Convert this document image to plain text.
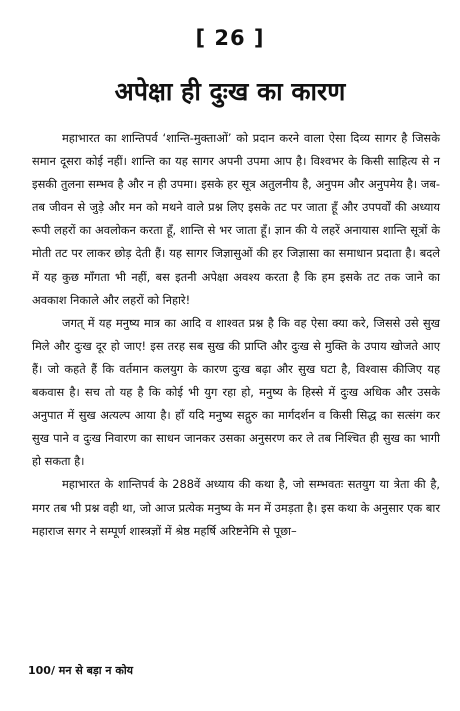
[ 26 ]
अपेक्षा ही दुःख का कारण

महाभारत का शान्तिपर्व ‘शान्ति-मुक्ताओं’ को प्रदान करने वाला ऐसा दिव्य सागर है जिसके समान दूसरा कोई नहीं। शान्ति का यह सागर अपनी उपमा आप है। विश्वभर के किसी साहित्य से न इसकी तुलना सम्भव है और न ही उपमा। इसके हर सूत्र अतुलनीय है, अनुपम और अनुपमेय है। जब-तब जीवन से जुड़े और मन को मथने वाले प्रश्न लिए इसके तट पर जाता हूँ और उपपर्वों की अध्याय रूपी लहरों का अवलोकन करता हूँ, शान्ति से भर जाता हूँ। ज्ञान की ये लहरें अनायास शान्ति सूत्रों के मोती तट पर लाकर छोड़ देती हैं। यह सागर जिज्ञासुओं की हर जिज्ञासा का समाधान प्रदाता है। बदले में यह कुछ माँगता भी नहीं, बस इतनी अपेक्षा अवश्य करता है कि हम इसके तट तक जाने का अवकाश निकाले और लहरों को निहारे!

जगत् में यह मनुष्य मात्र का आदि व शाश्वत प्रश्न है कि वह ऐसा क्या करे, जिससे उसे सुख मिले और दुःख दूर हो जाए! इस तरह सब सुख की प्राप्ति और दुःख से मुक्ति के उपाय खोजते आए हैं। जो कहते हैं कि वर्तमान कलयुग के कारण दुःख बढ़ा और सुख घटा है, विश्वास कीजिए यह बकवास है। सच तो यह है कि कोई भी युग रहा हो, मनुष्य के हिस्से में दुःख अधिक और उसके अनुपात में सुख अत्यल्प आया है। हाँ यदि मनुष्य सद्गुरु का मार्गदर्शन व किसी सिद्ध का सत्संग कर सुख पाने व दुःख निवारण का साधन जानकर उसका अनुसरण कर ले तब निश्चित ही सुख का भागी हो सकता है।

महाभारत के शान्तिपर्व के 288वें अध्याय की कथा है, जो सम्भवतः सतयुग या त्रेता की है, मगर तब भी प्रश्न वही था, जो आज प्रत्येक मनुष्य के मन में उमड़ता है। इस कथा के अनुसार एक बार महाराज सगर ने सम्पूर्ण शास्त्रज्ञों में श्रेष्ठ महर्षि अरिष्टनेमि से पूछा–

100/ मन से बड़ा न कोय
